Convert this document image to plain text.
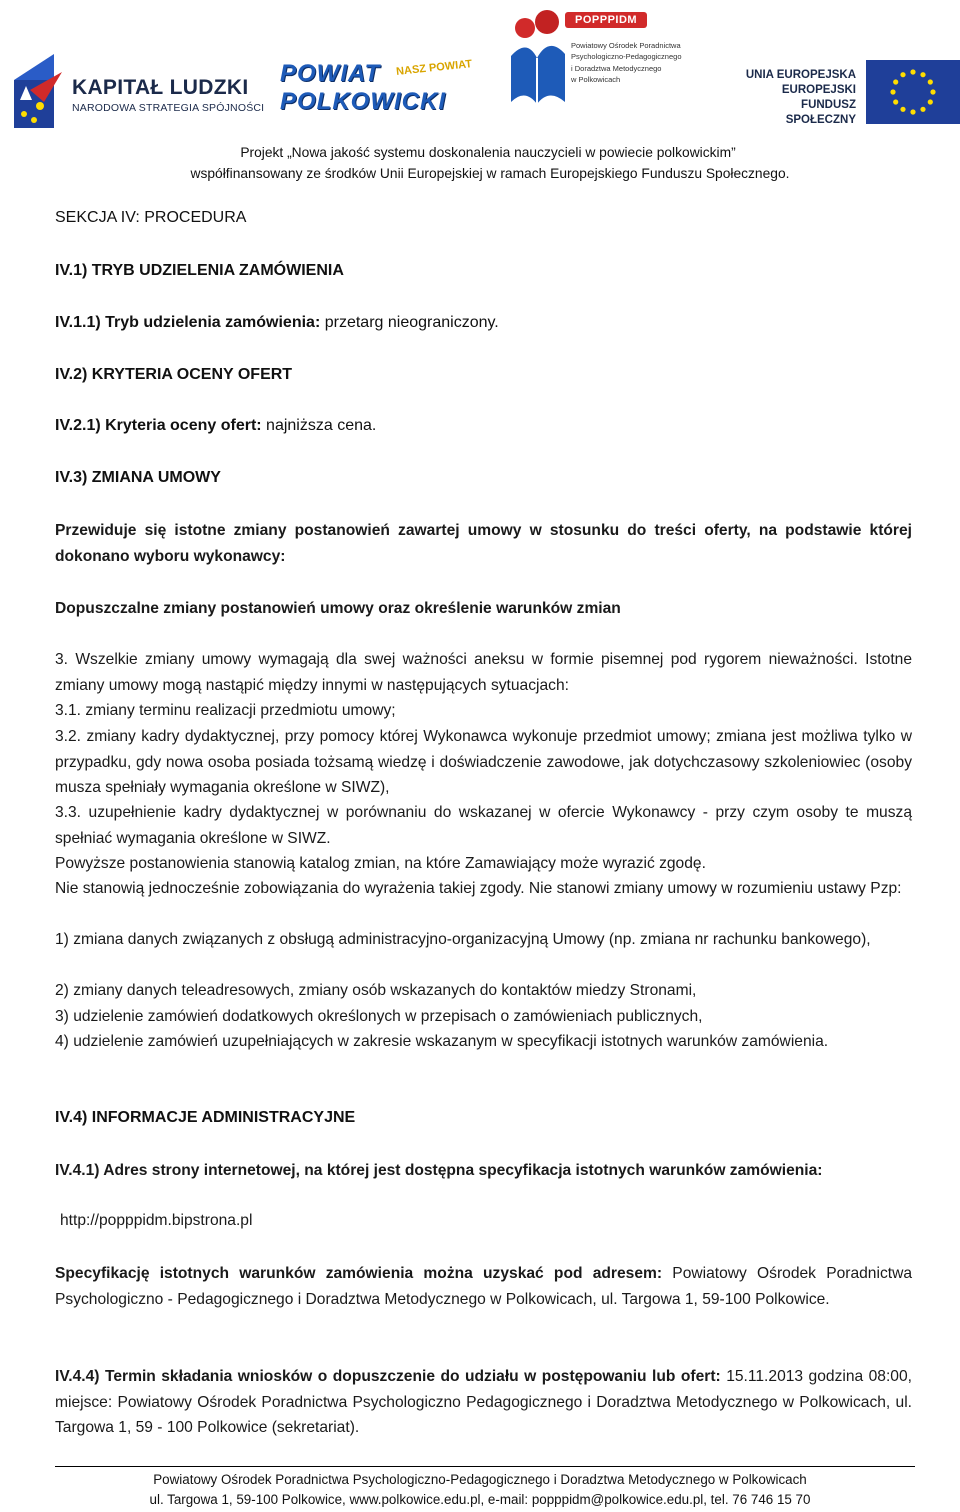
KAPITAŁ LUDZKI
NARODOWA STRATEGIA SPÓJNOŚCI
POWIAT
POLKOWICKI
NASZ POWIAT
POPPPIDM
Powiatowy Ośrodek Poradnictwa
Psychologiczno-Pedagogicznego
i Doradztwa Metodycznego
w Polkowicach	UNIA EUROPEJSKA
EUROPEJSKI
FUNDUSZ SPOŁECZNY
Projekt „Nowa jakość systemu doskonalenia nauczycieli w powiecie polkowickim”
współfinansowany ze środków Unii Europejskiej w ramach Europejskiego Funduszu Społecznego.
SEKCJA IV: PROCEDURA
IV.1) TRYB UDZIELENIA ZAMÓWIENIA
IV.1.1) Tryb udzielenia zamówienia: przetarg nieograniczony.
IV.2) KRYTERIA OCENY OFERT
IV.2.1) Kryteria oceny ofert: najniższa cena.
IV.3) ZMIANA UMOWY
Przewiduje się istotne zmiany postanowień zawartej umowy w stosunku do treści oferty, na podstawie której dokonano wyboru wykonawcy:
Dopuszczalne zmiany postanowień umowy oraz określenie warunków zmian
3. Wszelkie zmiany umowy wymagają dla swej ważności aneksu w formie pisemnej pod rygorem nieważności. Istotne zmiany umowy mogą nastąpić między innymi w następujących sytuacjach:
3.1. zmiany terminu realizacji przedmiotu umowy;
3.2. zmiany kadry dydaktycznej, przy pomocy której Wykonawca wykonuje przedmiot umowy; zmiana jest możliwa tylko w przypadku, gdy nowa osoba posiada tożsamą wiedzę i doświadczenie zawodowe, jak dotychczasowy szkoleniowiec (osoby musza spełniały wymagania określone w SIWZ),
3.3. uzupełnienie kadry dydaktycznej w porównaniu do wskazanej w ofercie Wykonawcy - przy czym osoby te muszą spełniać wymagania określone w SIWZ.
Powyższe postanowienia stanowią katalog zmian, na które Zamawiający może wyrazić zgodę.
Nie stanowią jednocześnie zobowiązania do wyrażenia takiej zgody. Nie stanowi zmiany umowy w rozumieniu ustawy Pzp:
1) zmiana danych związanych z obsługą administracyjno-organizacyjną Umowy (np. zmiana nr rachunku bankowego),
2) zmiany danych teleadresowych, zmiany osób wskazanych do kontaktów miedzy Stronami,
3) udzielenie zamówień dodatkowych określonych w przepisach o zamówieniach publicznych,
4) udzielenie zamówień uzupełniających w zakresie wskazanym w specyfikacji istotnych warunków zamówienia.
IV.4) INFORMACJE ADMINISTRACYJNE
IV.4.1) Adres strony internetowej, na której jest dostępna specyfikacja istotnych warunków zamówienia:
http://popppidm.bipstrona.pl
Specyfikację istotnych warunków zamówienia można uzyskać pod adresem: Powiatowy Ośrodek Poradnictwa Psychologiczno - Pedagogicznego i Doradztwa Metodycznego w Polkowicach, ul. Targowa 1, 59-100 Polkowice.
IV.4.4) Termin składania wniosków o dopuszczenie do udziału w postępowaniu lub ofert: 15.11.2013 godzina 08:00, miejsce: Powiatowy Ośrodek Poradnictwa Psychologiczno Pedagogicznego i Doradztwa Metodycznego w Polkowicach, ul. Targowa 1, 59 - 100 Polkowice (sekretariat).
Powiatowy Ośrodek Poradnictwa Psychologiczno-Pedagogicznego i Doradztwa Metodycznego w Polkowicach
ul. Targowa 1, 59-100 Polkowice, www.polkowice.edu.pl, e-mail: popppidm@polkowice.edu.pl, tel. 76 746 15 70
